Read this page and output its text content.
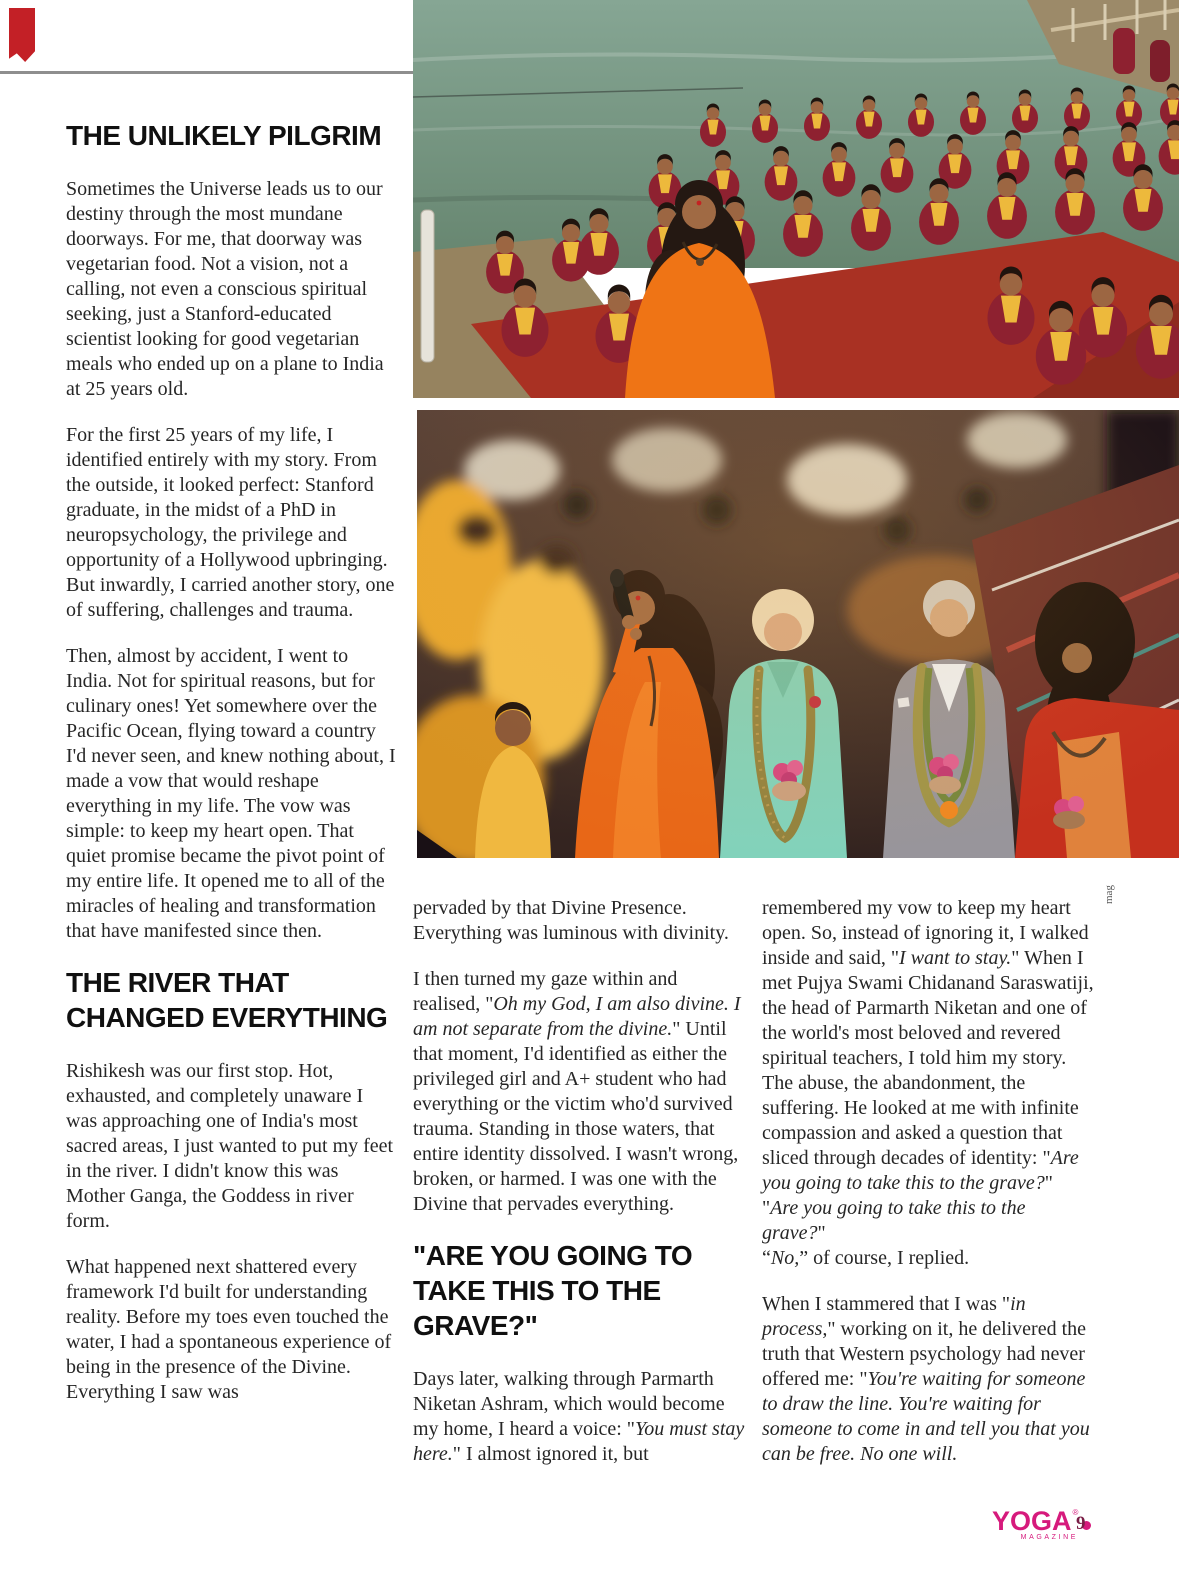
mag
THE UNLIKELY PILGRIM

Sometimes the Universe leads us to our destiny through the most mundane doorways. For me, that doorway was vegetarian food. Not a vision, not a calling, not even a conscious spiritual seeking, just a Stanford-educated scientist looking for good vegetarian meals who ended up on a plane to India at 25 years old.

For the first 25 years of my life, I identified entirely with my story. From the outside, it looked perfect: Stanford graduate, in the midst of a PhD in neuropsychology, the privilege and opportunity of a Hollywood upbringing. But inwardly, I carried another story, one of suffering, challenges and trauma.

Then, almost by accident, I went to India. Not for spiritual reasons, but for culinary ones! Yet somewhere over the Pacific Ocean, flying toward a country I'd never seen, and knew nothing about, I made a vow that would reshape everything in my life. The vow was simple: to keep my heart open. That quiet promise became the pivot point of my entire life. It opened me to all of the miracles of healing and transformation that have manifested since then.

THE RIVER THAT CHANGED EVERYTHING

Rishikesh was our first stop. Hot, exhausted, and completely unaware I was approaching one of India's most sacred areas, I just wanted to put my feet in the river. I didn't know this was Mother Ganga, the Goddess in river form.

What happened next shattered every framework I'd built for understanding reality. Before my toes even touched the water, I had a spontaneous experience of being in the presence of the Divine. Everything I saw was

pervaded by that Divine Presence. Everything was luminous with divinity.

I then turned my gaze within and realised, "Oh my God, I am also divine. I am not separate from the divine." Until that moment, I'd identified as either the privileged girl and A+ student who had everything or the victim who'd survived trauma. Standing in those waters, that entire identity dissolved. I wasn't wrong, broken, or harmed. I was one with the Divine that pervades everything.

"ARE YOU GOING TO TAKE THIS TO THE GRAVE?"

Days later, walking through Parmarth Niketan Ashram, which would become my home, I heard a voice: "You must stay here." I almost ignored it, but

remembered my vow to keep my heart open. So, instead of ignoring it, I walked inside and said, "I want to stay." When I met Pujya Swami Chidanand Saraswatiji, the head of Parmarth Niketan and one of the world's most beloved and revered spiritual teachers, I told him my story. The abuse, the abandonment, the suffering. He looked at me with infinite compassion and asked a question that sliced through decades of identity: "Are you going to take this to the grave?"
"Are you going to take this to the grave?"
“No,” of course, I replied.

When I stammered that I was "in process," working on it, he delivered the truth that Western psychology had never offered me: "You're waiting for someone to draw the line. You're waiting for someone to come in and tell you that you can be free. No one will.

YOGA ®
MAGAZINE
9
